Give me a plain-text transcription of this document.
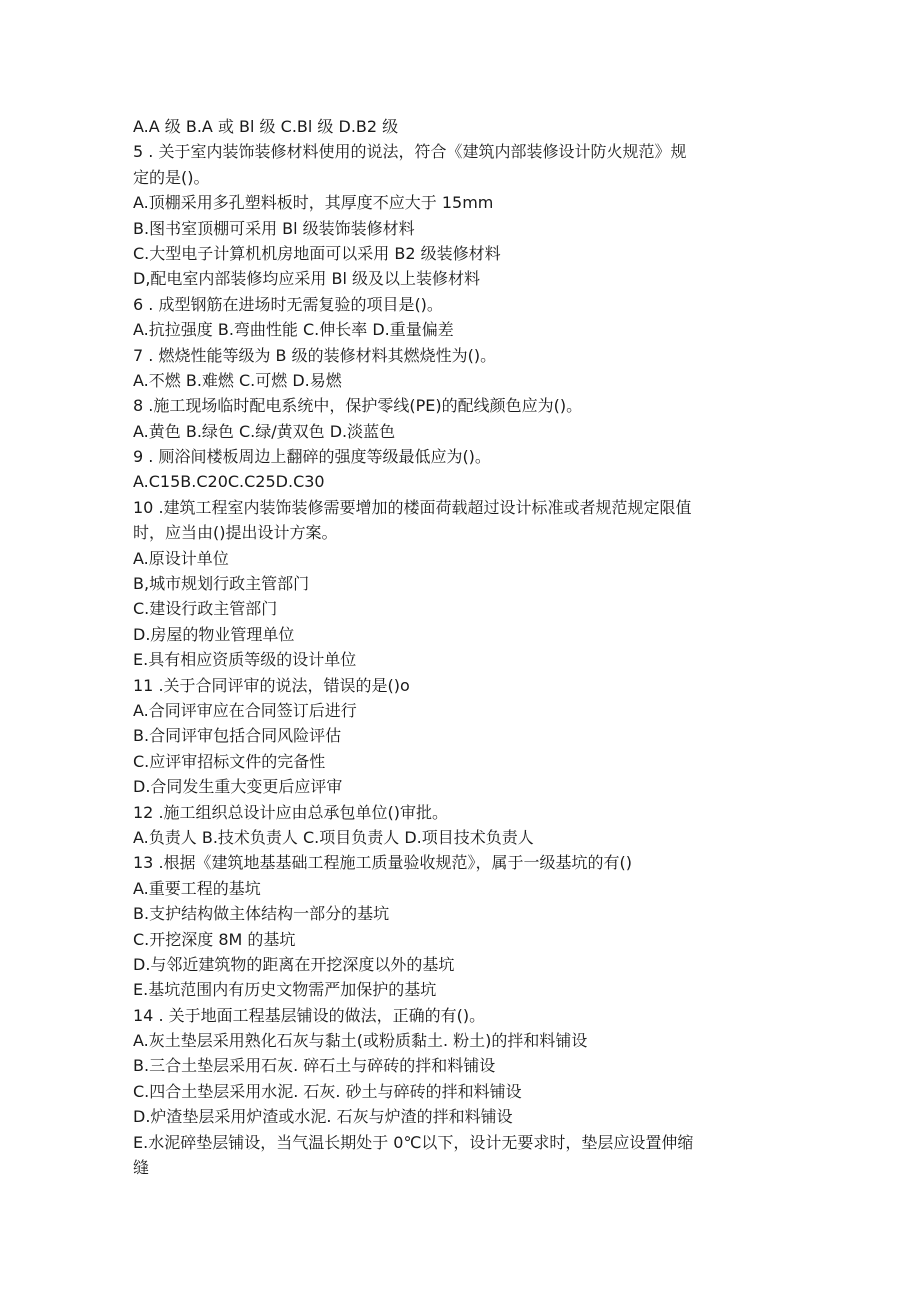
A.A 级 B.A 或 Bl 级 C.Bl 级 D.B2 级
5 . 关于室内装饰装修材料使用的说法，符合《建筑内部装修设计防火规范》规
定的是()。
A.顶棚采用多孔塑料板时，其厚度不应大于 15mm
B.图书室顶棚可采用 Bl 级装饰装修材料
C.大型电子计算机机房地面可以采用 B2 级装修材料
D,配电室内部装修均应采用 Bl 级及以上装修材料
6 . 成型钢筋在进场时无需复验的项目是()。
A.抗拉强度 B.弯曲性能 C.伸长率 D.重量偏差
7 . 燃烧性能等级为 B 级的装修材料其燃烧性为()。
A.不燃 B.难燃 C.可燃 D.易燃
8 .施工现场临时配电系统中，保护零线(PE)的配线颜色应为()。
A.黄色 B.绿色 C.绿/黄双色 D.淡蓝色
9 . 厕浴间楼板周边上翻碎的强度等级最低应为()。
A.C15B.C20C.C25D.C30
10 .建筑工程室内装饰装修需要增加的楼面荷载超过设计标准或者规范规定限值
时，应当由()提出设计方案。
A.原设计单位
B,城市规划行政主管部门
C.建设行政主管部门
D.房屋的物业管理单位
E.具有相应资质等级的设计单位
11 .关于合同评审的说法，错误的是()o
A.合同评审应在合同签订后进行
B.合同评审包括合同风险评估
C.应评审招标文件的完备性
D.合同发生重大变更后应评审
12 .施工组织总设计应由总承包单位()审批。
A.负责人 B.技术负责人 C.项目负责人 D.项目技术负责人
13 .根据《建筑地基基础工程施工质量验收规范》，属于一级基坑的有()
A.重要工程的基坑
B.支护结构做主体结构一部分的基坑
C.开挖深度 8M 的基坑
D.与邻近建筑物的距离在开挖深度以外的基坑
E.基坑范围内有历史文物需严加保护的基坑
14 . 关于地面工程基层铺设的做法，正确的有()。
A.灰土垫层采用熟化石灰与黏土(或粉质黏土. 粉土)的拌和料铺设
B.三合土垫层采用石灰. 碎石土与碎砖的拌和料铺设
C.四合土垫层采用水泥. 石灰. 砂土与碎砖的拌和料铺设
D.炉渣垫层采用炉渣或水泥. 石灰与炉渣的拌和料铺设
E.水泥碎垫层铺设，当气温长期处于 0℃以下，设计无要求时，垫层应设置伸缩
缝
